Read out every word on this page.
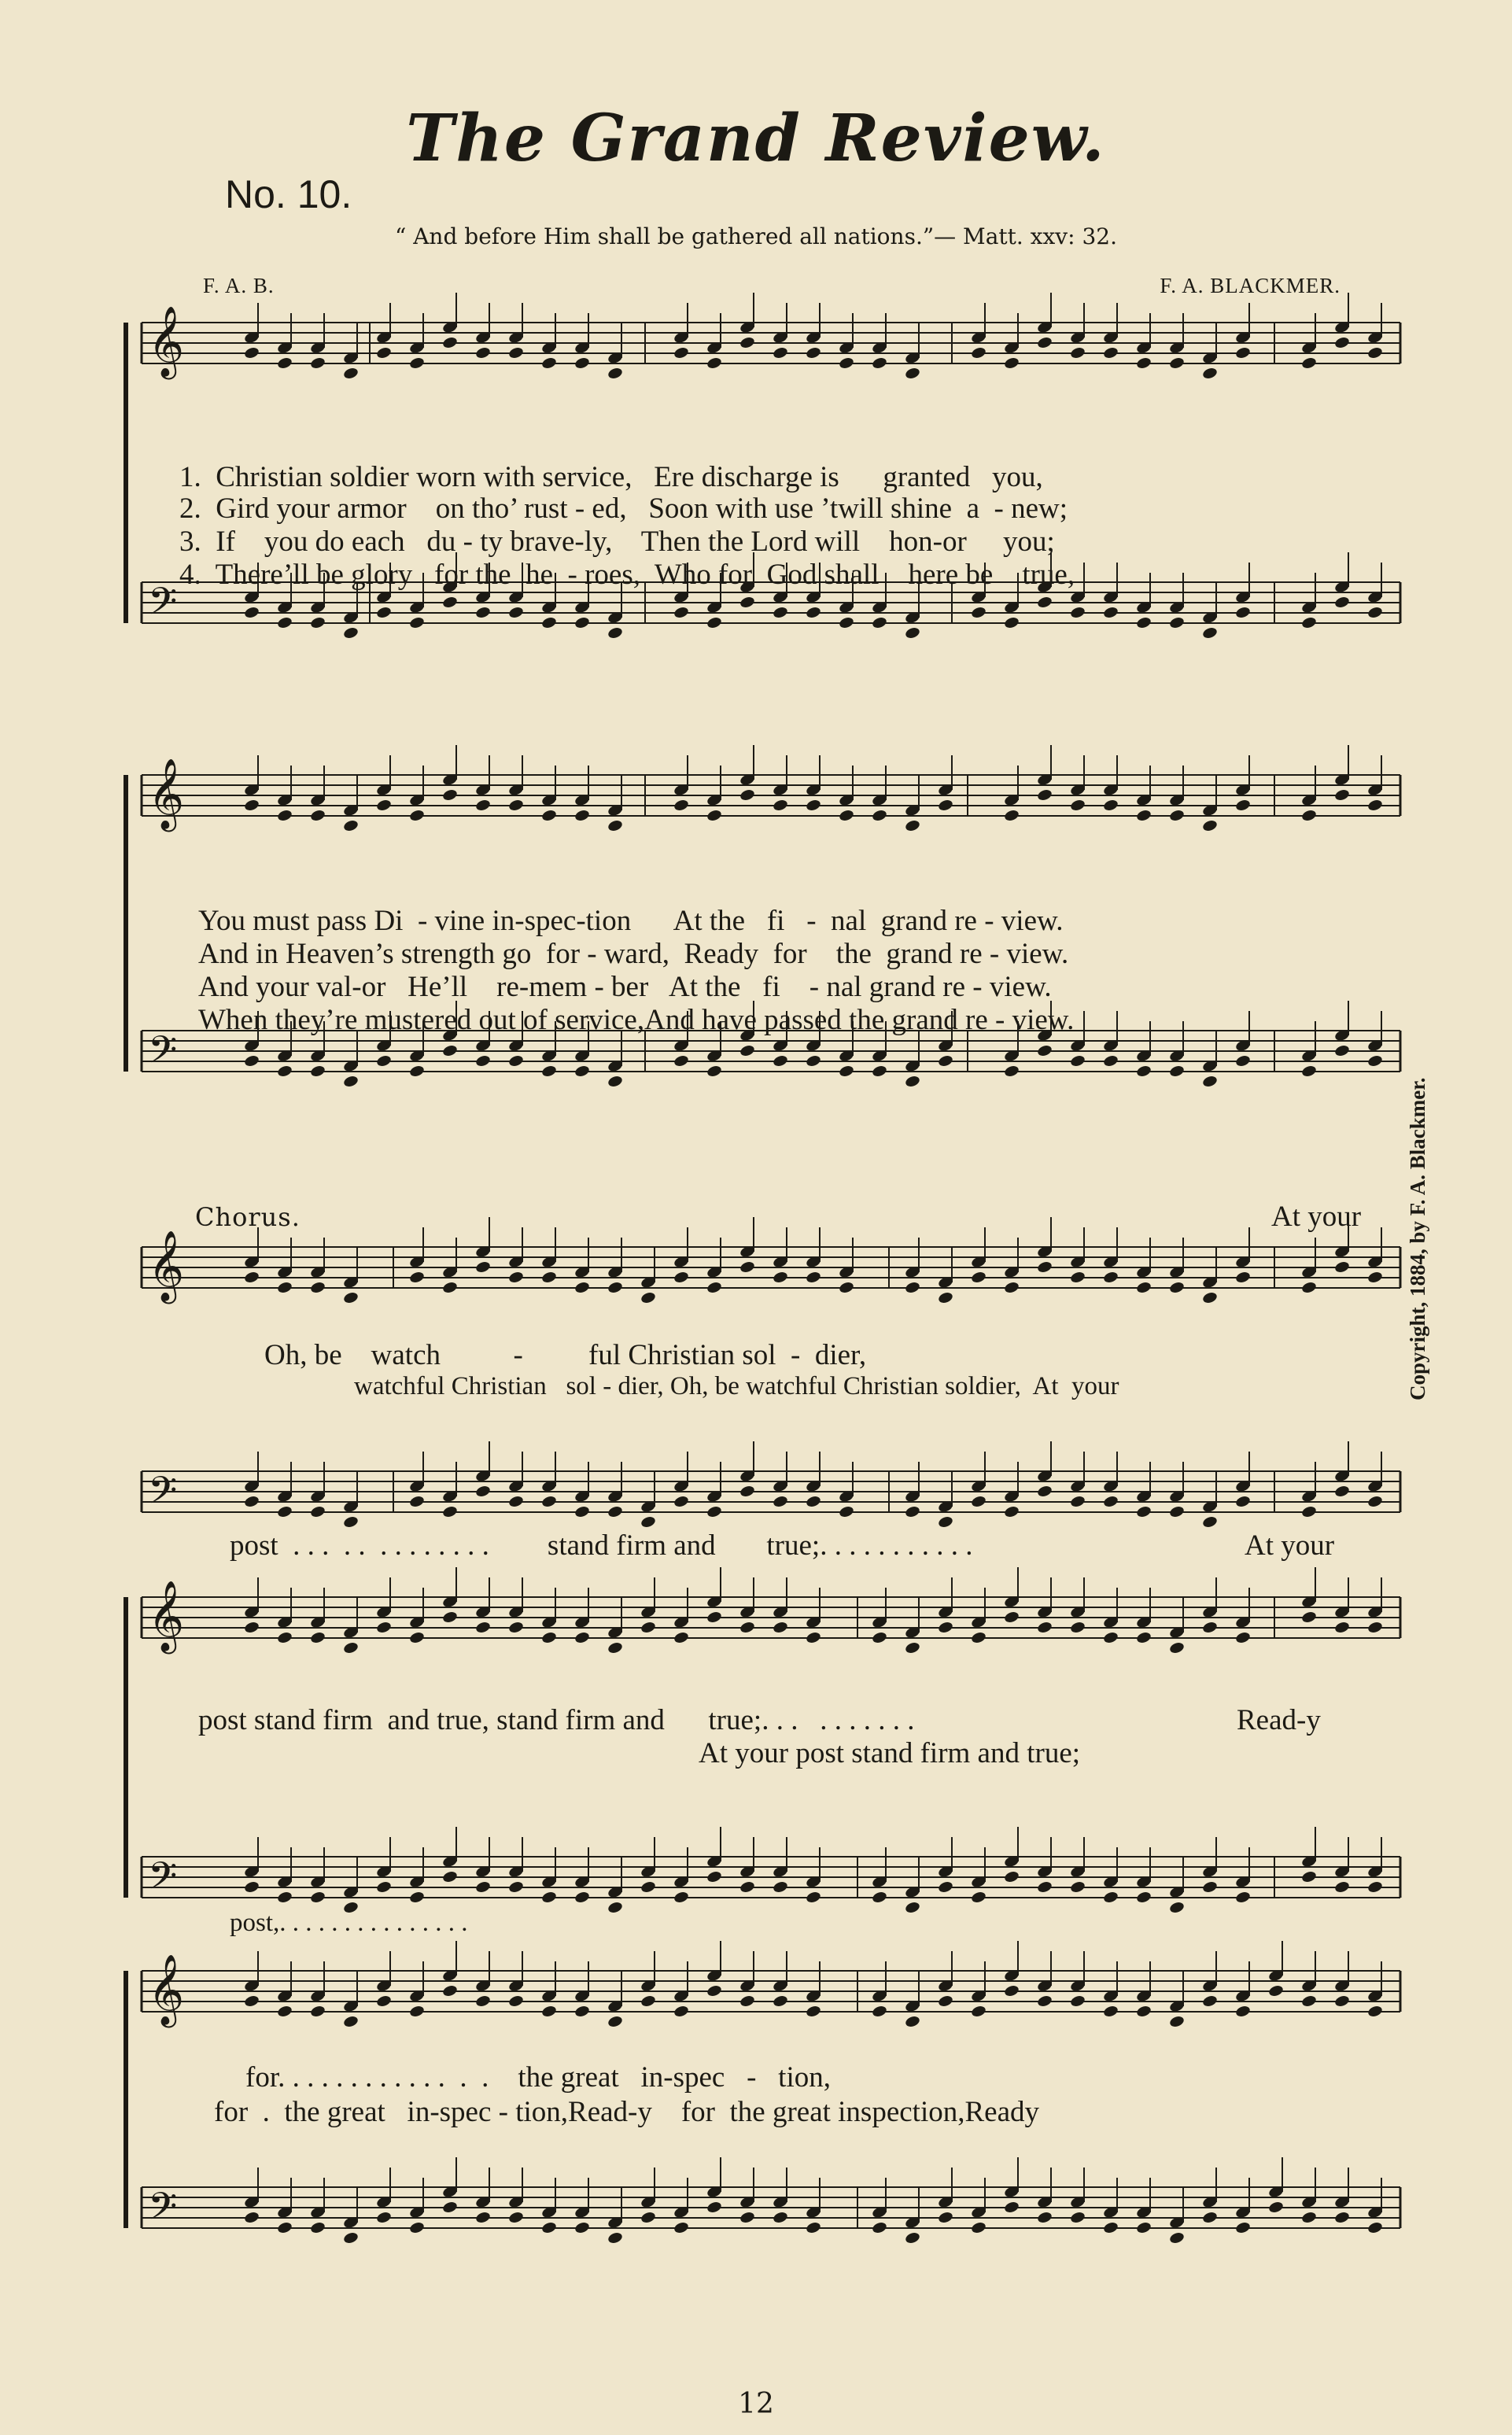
The Grand Review.
No. 10.
“ And before Him shall be gathered all nations.”— Matt. xxv: 32.
F. A. B.	F. A. BLACKMER.
Copyright, 1884, by F. A. Blackmer.
𝄞
𝄢
𝄞
𝄢
𝄞
𝄢
𝄞
𝄢
𝄞
𝄢
1.  Christian soldier worn with service,   Ere discharge is      granted   you,
2.  Gird your armor    on tho’ rust - ed,   Soon with use ’twill shine  a  - new;
3.  If    you do each   du - ty brave-ly,    Then the Lord will    hon-or     you;
4.  There’ll be glory   for the  he  - roes,  Who for  God shall    here be    true,
You must pass Di  - vine in-spec-tion      At the   fi   -  nal  grand re - view.
And in Heaven’s strength go  for - ward,  Ready  for    the  grand re - view.
And your val-or   He’ll    re-mem - ber   At the   fi    - nal grand re - view.
When they’re mustered out of service,And have passed the grand re - view.
Chorus.	At your
Oh, be    watch          -         ful Christian sol  -  dier,
watchful Christian   sol - dier, Oh, be watchful Christian soldier,  At  your
post  . . .  . .  . . . . . . . .        stand firm and       true;. . . . . . . . . . .	At your
post stand firm  and true, stand firm and      true;. . .   . . . . . . .	Read-y
At your post stand firm and true;
post,. . . . . . . . . . . . . . .
for. . . . . . . . . . . .  .  .    the great   in-spec   -   tion,
for  .  the great   in-spec - tion,Read-y    for  the great inspection,Ready
12
